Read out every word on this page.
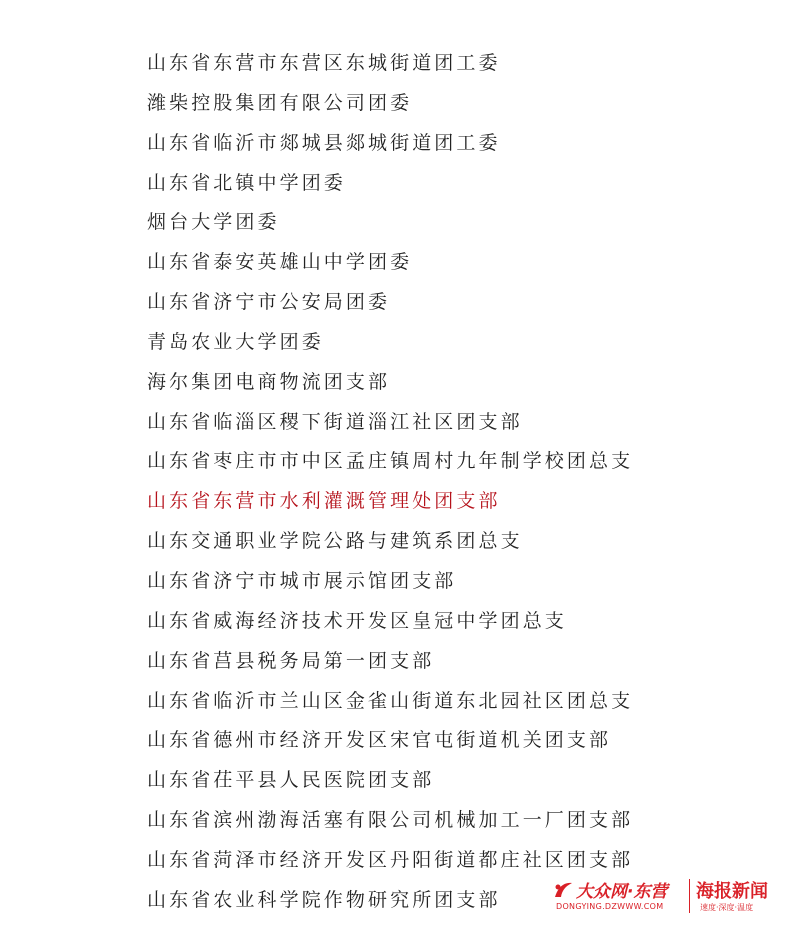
山东省东营市东营区东城街道团工委
潍柴控股集团有限公司团委
山东省临沂市郯城县郯城街道团工委
山东省北镇中学团委
烟台大学团委
山东省泰安英雄山中学团委
山东省济宁市公安局团委
青岛农业大学团委
海尔集团电商物流团支部
山东省临淄区稷下街道淄江社区团支部
山东省枣庄市市中区孟庄镇周村九年制学校团总支
山东省东营市水利灌溉管理处团支部
山东交通职业学院公路与建筑系团总支
山东省济宁市城市展示馆团支部
山东省威海经济技术开发区皇冠中学团总支
山东省莒县税务局第一团支部
山东省临沂市兰山区金雀山街道东北园社区团总支
山东省德州市经济开发区宋官屯街道机关团支部
山东省茌平县人民医院团支部
山东省滨州渤海活塞有限公司机械加工一厂团支部
山东省菏泽市经济开发区丹阳街道都庄社区团支部
山东省农业科学院作物研究所团支部	大众网·东营
DONGYING.DZWWW.COM
海报新闻
速度·深度·温度
